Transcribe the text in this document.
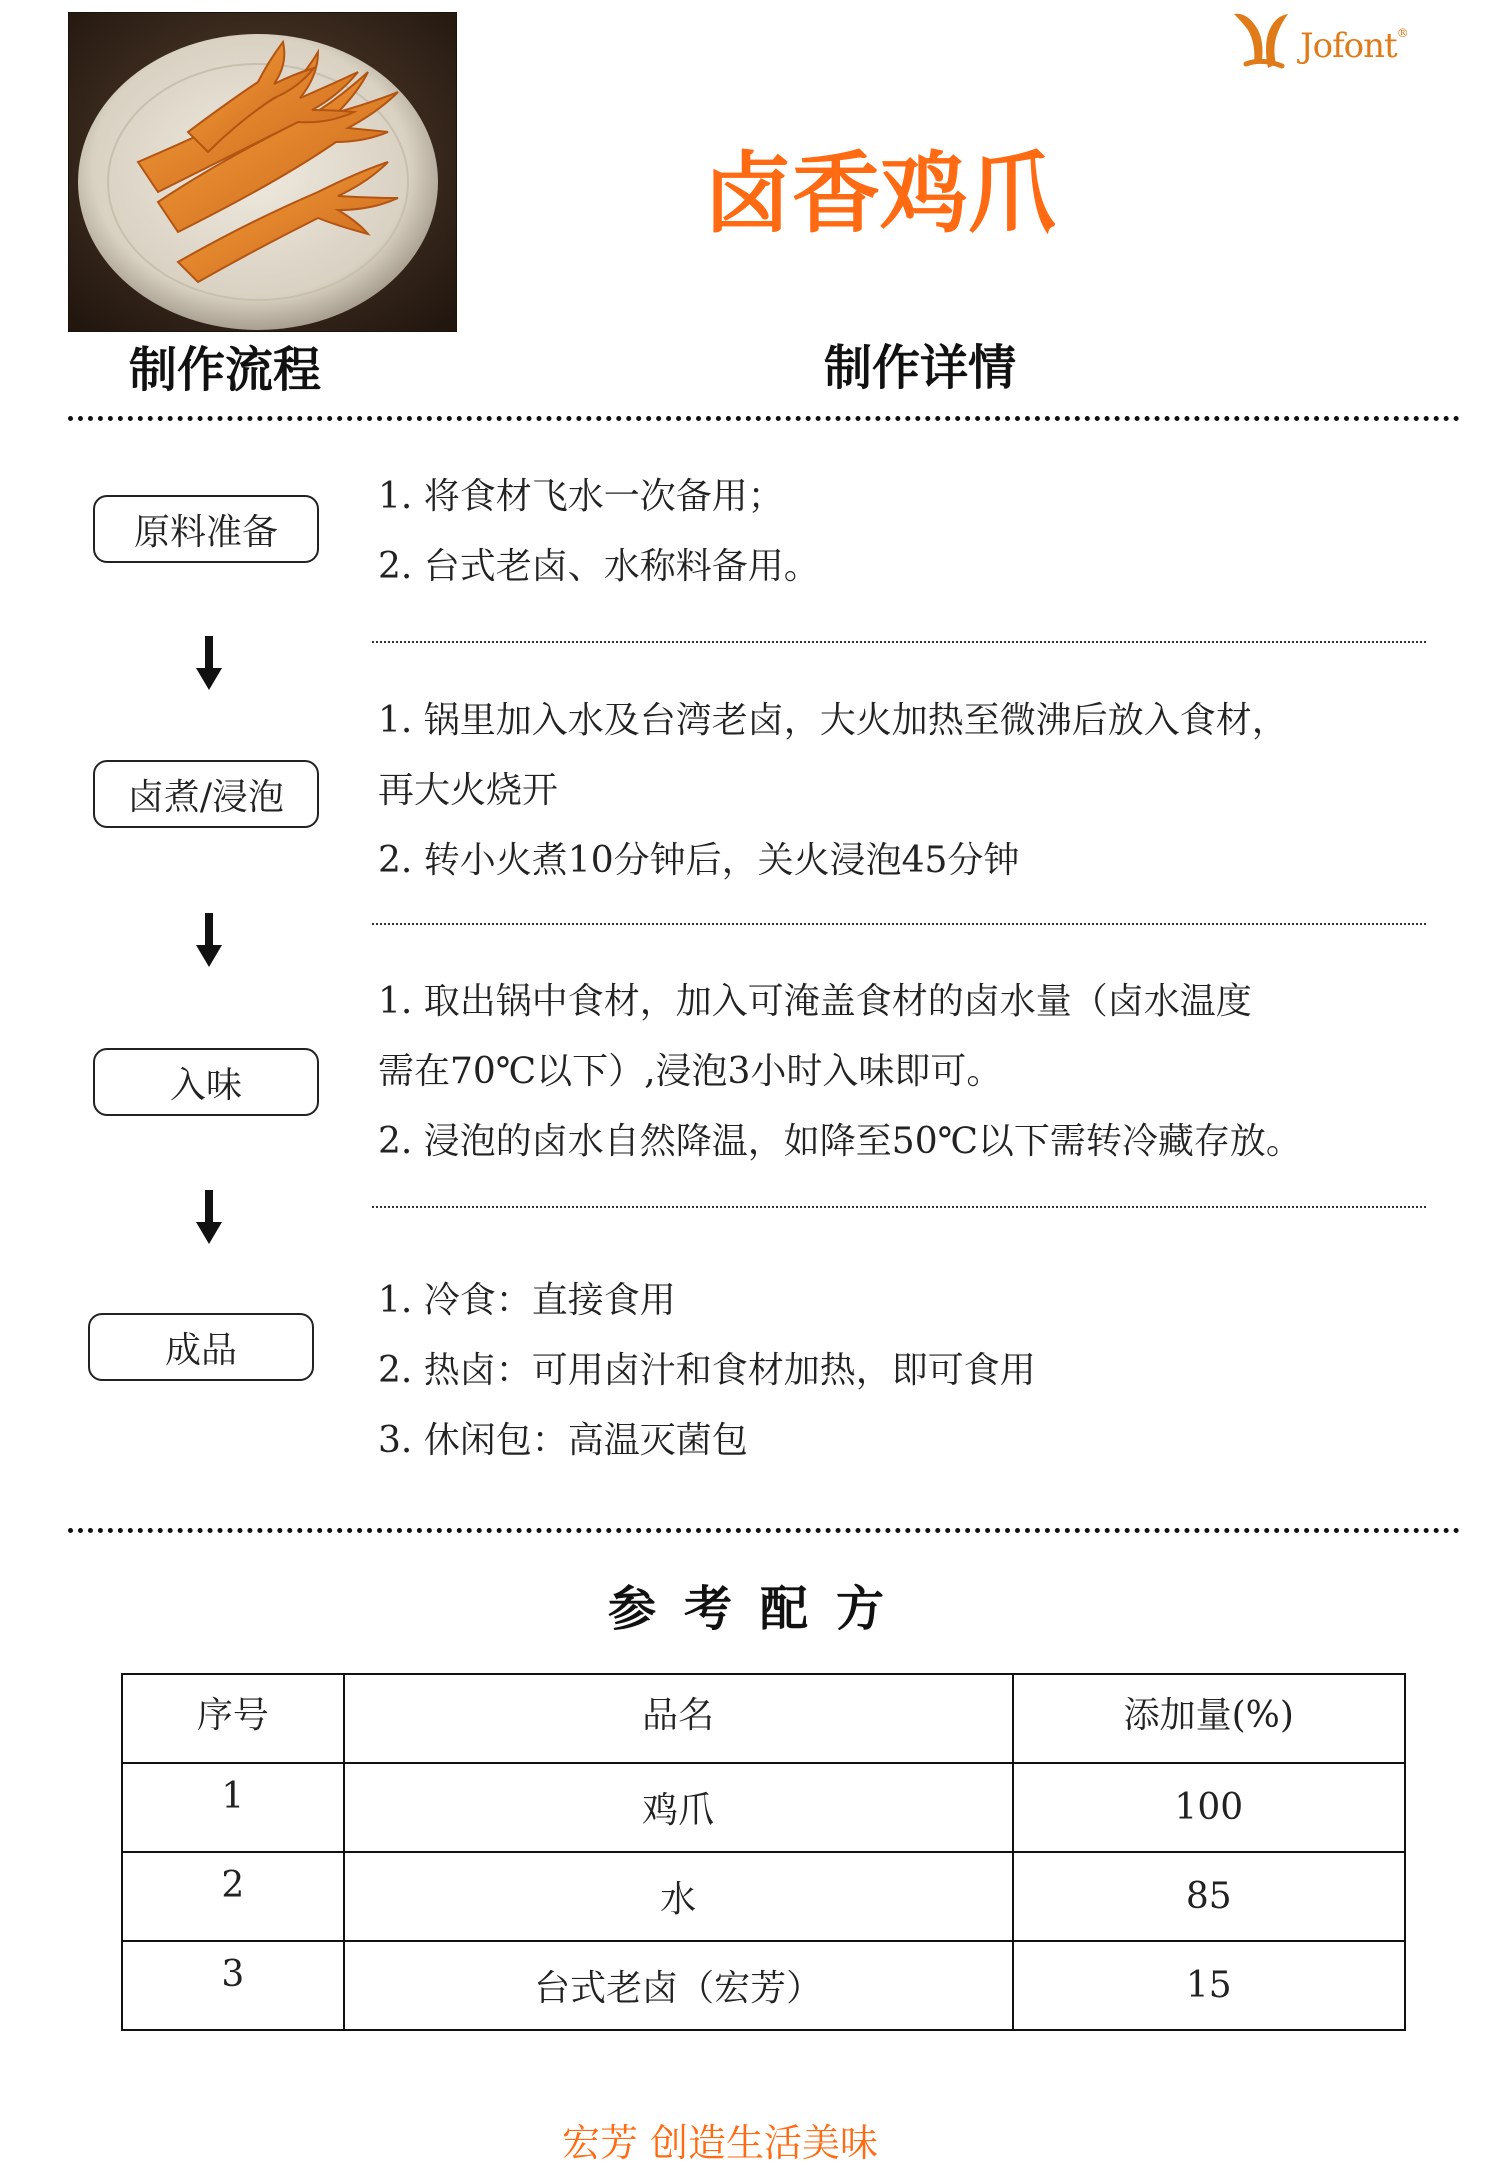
Jofont®
卤香鸡爪
制作流程	制作详情
原料准备

1. 将食材飞水一次备用；

2. 台式老卤、水称料备用。

卤煮/浸泡

1. 锅里加入水及台湾老卤，大火加热至微沸后放入食材，

再大火烧开

2. 转小火煮10分钟后，关火浸泡45分钟

入味

1. 取出锅中食材，加入可淹盖食材的卤水量（卤水温度

需在70℃以下）,浸泡3小时入味即可。

2. 浸泡的卤水自然降温，如降至50℃以下需转冷藏存放。

成品

1. 冷食：直接食用

2. 热卤：可用卤汁和食材加热，即可食用

3. 休闲包：高温灭菌包

参考配方
序号	品名	添加量(%)
1	鸡爪	100
2	水	85
3	台式老卤（宏芳）	15
宏芳 创造生活美味
